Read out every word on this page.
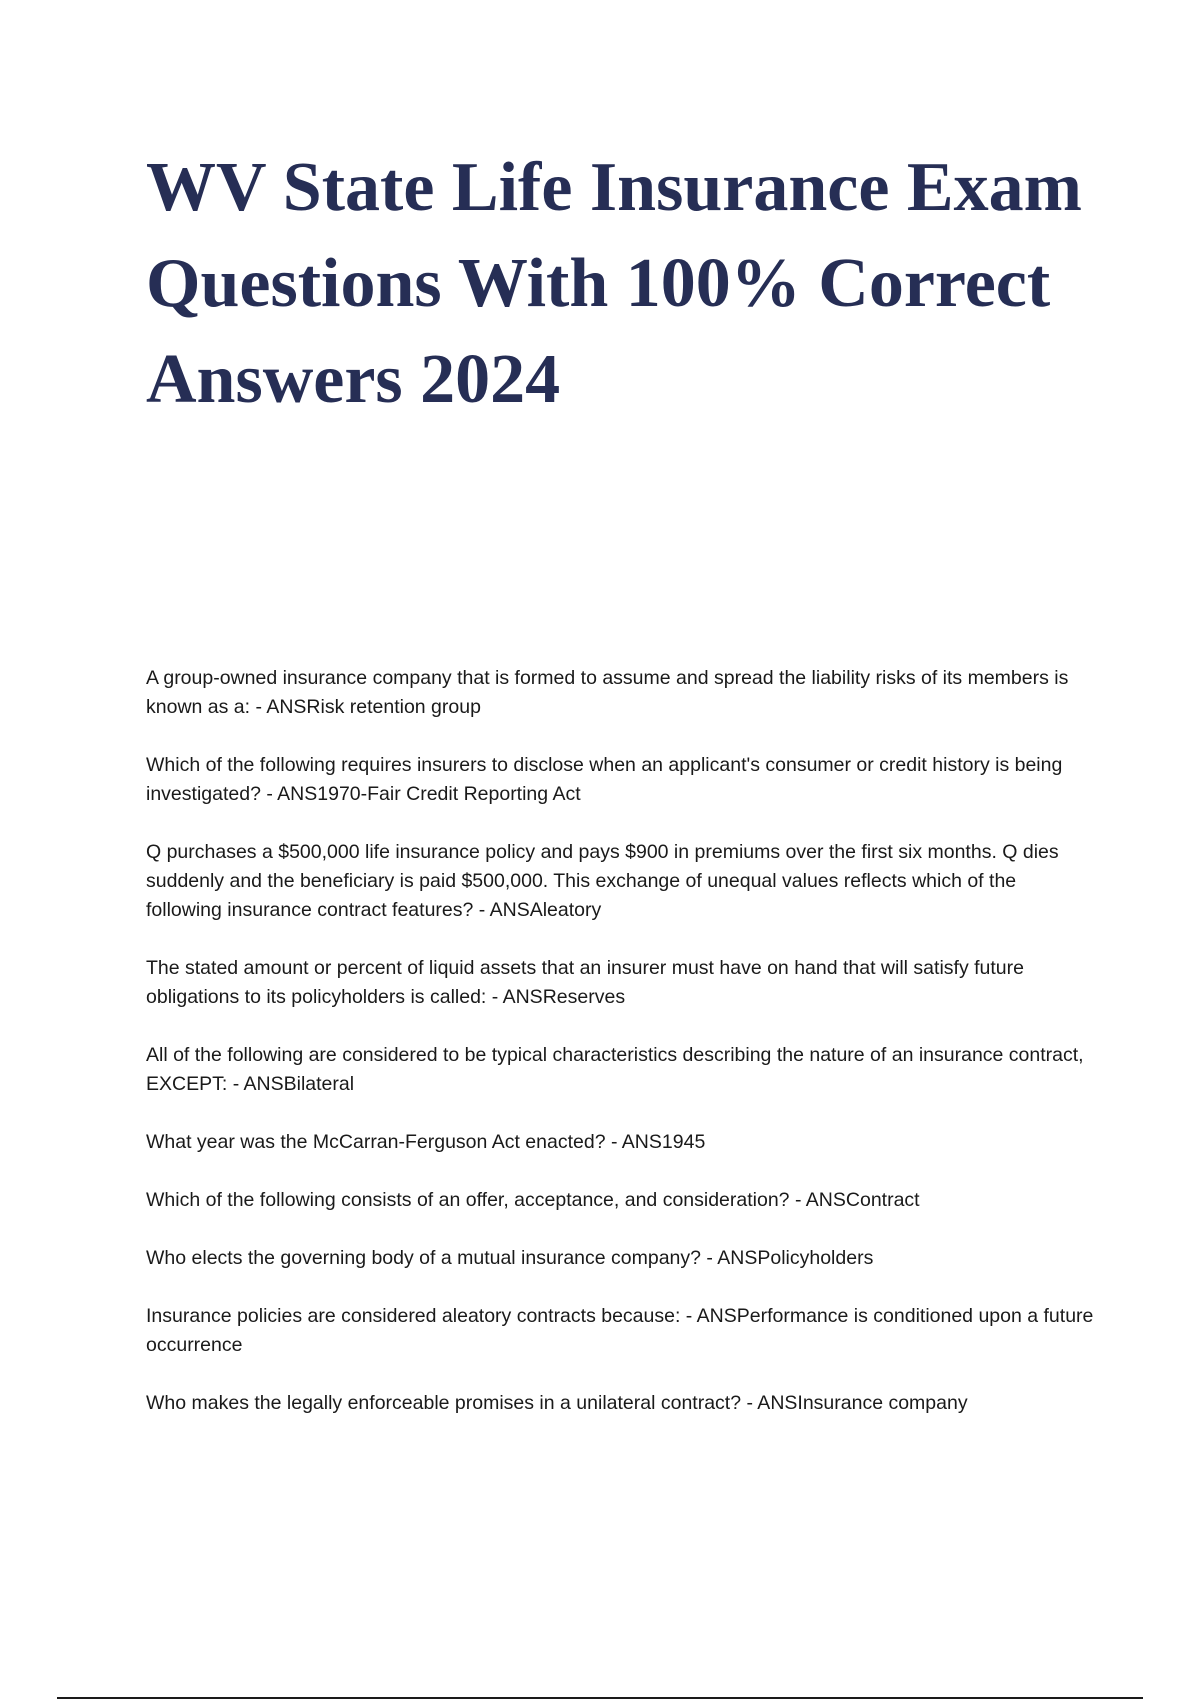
WV State Life Insurance Exam Questions With 100% Correct Answers 2024
A group-owned insurance company that is formed to assume and spread the liability risks of its members is known as a: - ANSRisk retention group
Which of the following requires insurers to disclose when an applicant's consumer or credit history is being investigated? - ANS1970-Fair Credit Reporting Act
Q purchases a $500,000 life insurance policy and pays $900 in premiums over the first six months. Q dies suddenly and the beneficiary is paid $500,000. This exchange of unequal values reflects which of the following insurance contract features? - ANSAleatory
The stated amount or percent of liquid assets that an insurer must have on hand that will satisfy future obligations to its policyholders is called: - ANSReserves
All of the following are considered to be typical characteristics describing the nature of an insurance contract, EXCEPT: - ANSBilateral
What year was the McCarran-Ferguson Act enacted? - ANS1945
Which of the following consists of an offer, acceptance, and consideration? - ANSContract
Who elects the governing body of a mutual insurance company? - ANSPolicyholders
Insurance policies are considered aleatory contracts because: - ANSPerformance is conditioned upon a future occurrence
Who makes the legally enforceable promises in a unilateral contract? - ANSInsurance company
